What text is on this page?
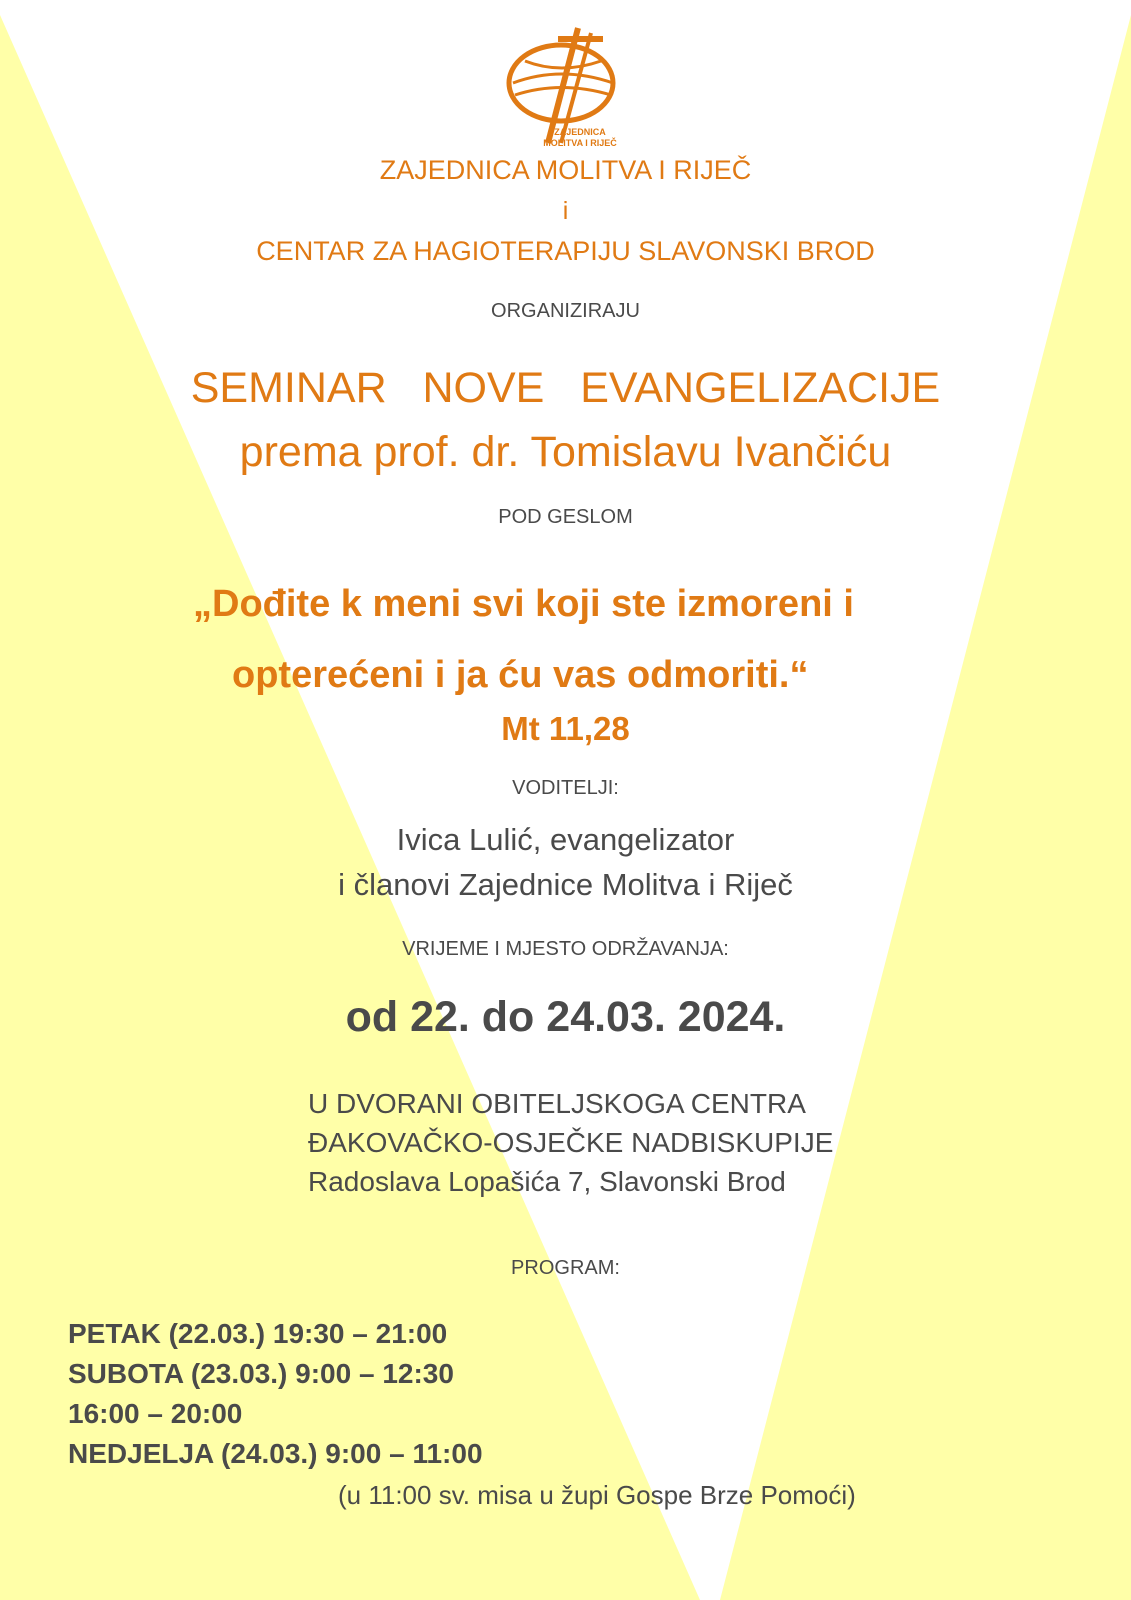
ZAJEDNICA
MOLITVA I RIJEČ
ZAJEDNICA MOLITVA I RIJEČ
i
CENTAR ZA HAGIOTERAPIJU SLAVONSKI BROD
ORGANIZIRAJU
SEMINAR   NOVE   EVANGELIZACIJE
prema prof. dr. Tomislavu Ivančiću
POD GESLOM
„Dođite k meni svi koji ste izmoreni i
opterećeni i ja ću vas odmoriti.“
Mt 11,28
VODITELJI:
Ivica Lulić, evangelizator
i članovi Zajednice Molitva i Riječ
VRIJEME I MJESTO ODRŽAVANJA:
od 22. do 24.03. 2024.
U DVORANI OBITELJSKOGA CENTRA
ĐAKOVAČKO-OSJEČKE NADBISKUPIJE
Radoslava Lopašića 7, Slavonski Brod
PROGRAM:
PETAK (22.03.) 19:30 – 21:00
SUBOTA (23.03.) 9:00 – 12:30
16:00 – 20:00
NEDJELJA (24.03.) 9:00 – 11:00
(u 11:00 sv. misa u župi Gospe Brze Pomoći)
